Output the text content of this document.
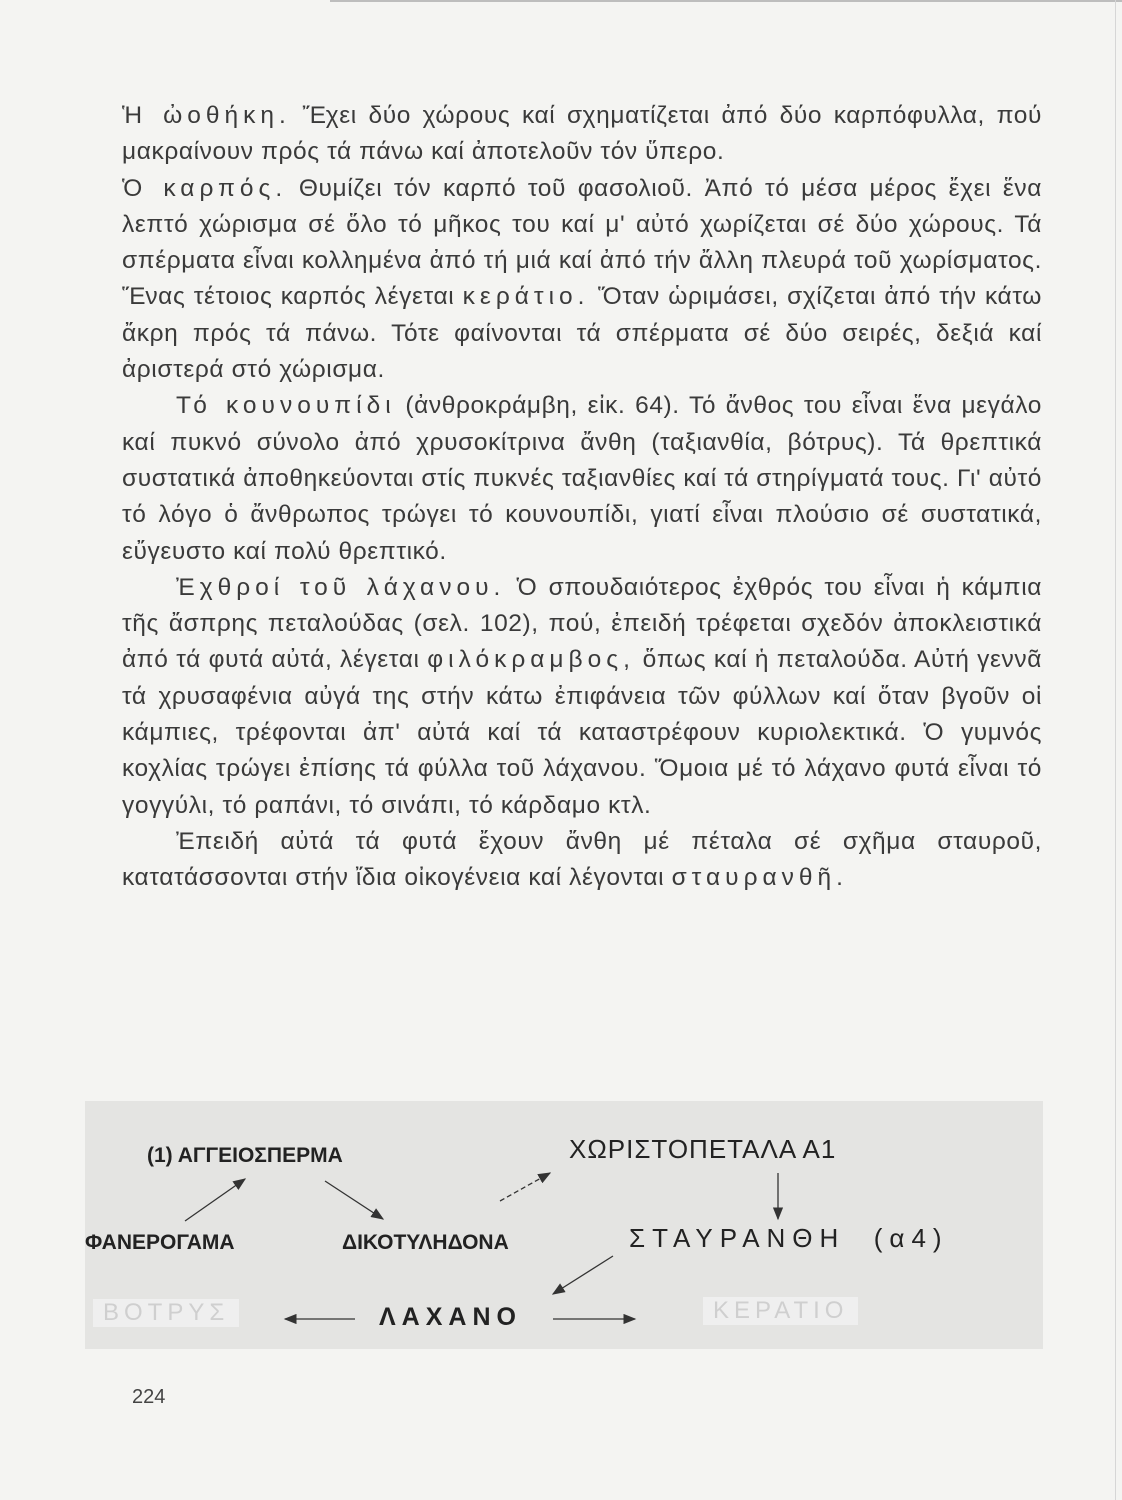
Ἡ ὠοθήκη. Ἔχει δύο χώρους καί σχηματίζεται ἀπό δύο καρπόφυλλα, πού μακραίνουν πρός τά πάνω καί ἀποτελοῦν τόν ὕπερο.

Ὁ καρπός. Θυμίζει τόν καρπό τοῦ φασολιοῦ. Ἀπό τό μέσα μέρος ἔχει ἕνα λεπτό χώρισμα σέ ὅλο τό μῆκος του καί μ' αὐτό χωρίζεται σέ δύο χώρους. Τά σπέρματα εἶναι κολλημένα ἀπό τή μιά καί ἀπό τήν ἄλλη πλευρά τοῦ χωρίσματος. Ἕνας τέτοιος καρπός λέγεται κεράτιο. Ὅταν ὡριμάσει, σχίζεται ἀπό τήν κάτω ἄκρη πρός τά πάνω. Τότε φαίνονται τά σπέρματα σέ δύο σειρές, δεξιά καί ἀριστερά στό χώρισμα.

Τό κουνουπίδι (ἀνθροκράμβη, εἰκ. 64). Τό ἄνθος του εἶναι ἕνα μεγάλο καί πυκνό σύνολο ἀπό χρυσοκίτρινα ἄνθη (ταξιανθία, βότρυς). Τά θρεπτικά συστατικά ἀποθηκεύονται στίς πυκνές ταξιανθίες καί τά στηρίγματά τους. Γι' αὐτό τό λόγο ὁ ἄνθρωπος τρώγει τό κουνουπίδι, γιατί εἶναι πλούσιο σέ συστατικά, εὔγευστο καί πολύ θρεπτικό.

Ἐχθροί τοῦ λάχανου. Ὁ σπουδαιότερος ἐχθρός του εἶναι ἡ κάμπια τῆς ἄσπρης πεταλούδας (σελ. 102), πού, ἐπειδή τρέφεται σχεδόν ἀποκλειστικά ἀπό τά φυτά αὐτά, λέγεται φιλόκραμβος, ὅπως καί ἡ πεταλούδα. Αὐτή γεννᾶ τά χρυσαφένια αὐγά της στήν κάτω ἐπιφάνεια τῶν φύλλων καί ὅταν βγοῦν οἱ κάμπιες, τρέφονται ἀπ' αὐτά καί τά καταστρέφουν κυριολεκτικά. Ὁ γυμνός κοχλίας τρώγει ἐπίσης τά φύλλα τοῦ λάχανου. Ὅμοια μέ τό λάχανο φυτά εἶναι τό γογγύλι, τό ραπάνι, τό σινάπι, τό κάρδαμο κτλ.

Ἐπειδή αὐτά τά φυτά ἔχουν ἄνθη μέ πέταλα σέ σχῆμα σταυροῦ, κατατάσσονται στήν ἴδια οἰκογένεια καί λέγονται σταυρανθῆ.

(1) ΑΓΓΕΙΟΣΠΕΡΜΑ	ΧΩΡΙΣΤΟΠΕΤΑΛΑ Α1
ΦΑΝΕΡΟΓΑΜΑ	ΔΙΚΟΤΥΛΗΔΟΝΑ	ΣΤΑΥΡΑΝΘΗ  (α4)
ΒΟΤΡΥΣ	ΛΑΧΑΝΟ	ΚΕΡΑΤΙΟ
224
